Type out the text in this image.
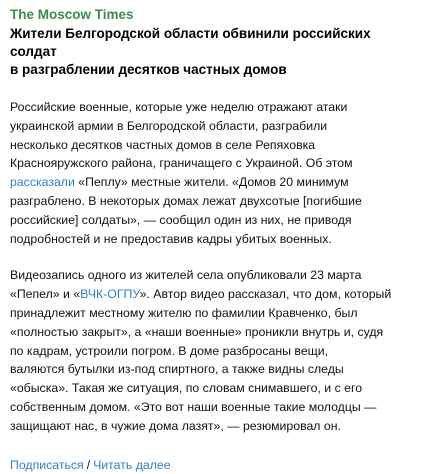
The Moscow Times
Жители Белгородской области обвинили российских солдат
в разграблении десятков частных домов
Российские военные, которые уже неделю отражают атаки
украинской армии в Белгородской области, разграбили
несколько десятков частных домов в селе Репяховка
Краснояружского района, граничащего с Украиной. Об этом
рассказали «Пеплу» местные жители. «Домов 20 минимум
разграблено. В некоторых домах лежат двухсотые [погибшие
российские] солдаты», — сообщил один из них, не приводя
подробностей и не предоставив кадры убитых военных.
Видеозапись одного из жителей села опубликовали 23 марта
«Пепел» и «ВЧК-ОГПУ». Автор видео рассказал, что дом, который
принадлежит местному жителю по фамилии Кравченко, был
«полностью закрыт», а «наши военные» проникли внутрь и, судя
по кадрам, устроили погром. В доме разбросаны вещи,
валяются бутылки из-под спиртного, а также видны следы
«обыска». Такая же ситуация, по словам снимавшего, и с его
собственным домом. «Это вот наши военные такие молодцы —
защищают нас, в чужие дома лазят», — резюмировал он.
Подписаться / Читать далее
